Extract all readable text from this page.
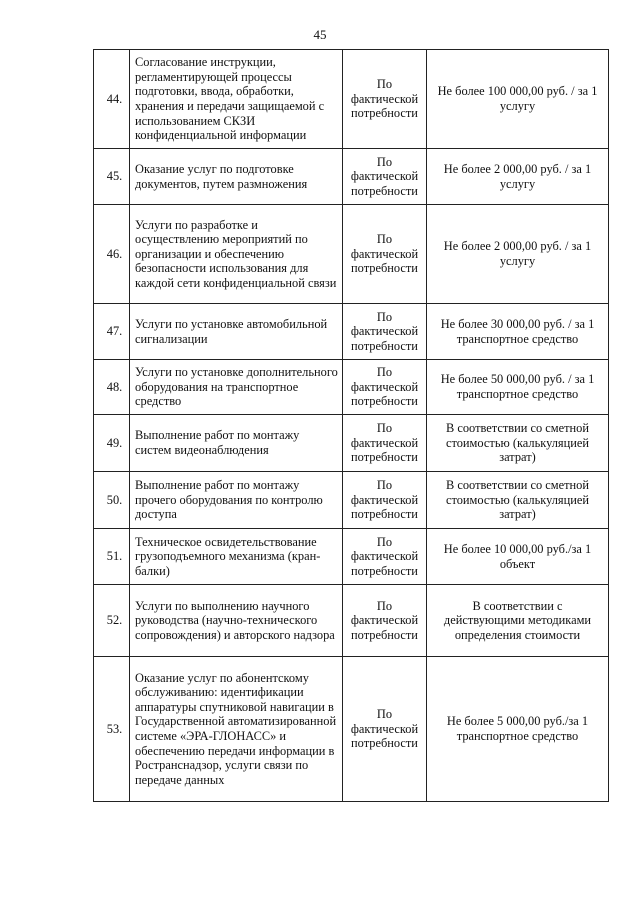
45
44.	Согласование инструкции, регламентирующей процессы подготовки, ввода, обработки, хранения и передачи защищаемой с использованием СКЗИ конфиденциальной информации	По фактической потребности	Не более 100 000,00 руб. / за 1 услугу
45.	Оказание услуг по подготовке документов, путем размножения	По фактической потребности	Не более 2 000,00 руб. / за 1 услугу
46.	Услуги по разработке и осуществлению мероприятий по организации и обеспечению безопасности использования для каждой сети конфиденциальной связи	По фактической потребности	Не более 2 000,00 руб. / за 1 услугу
47.	Услуги по установке автомобильной сигнализации	По фактической потребности	Не более 30 000,00 руб. / за 1 транспортное средство
48.	Услуги по установке дополнительного оборудования на транспортное средство	По фактической потребности	Не более 50 000,00 руб. / за 1 транспортное средство
49.	Выполнение работ по монтажу систем видеонаблюдения	По фактической потребности	В соответствии со сметной стоимостью (калькуляцией затрат)
50.	Выполнение работ по монтажу прочего оборудования по контролю доступа	По фактической потребности	В соответствии со сметной стоимостью (калькуляцией затрат)
51.	Техническое освидетельствование грузоподъемного механизма (кран-балки)	По фактической потребности	Не более 10 000,00 руб./за 1 объект
52.	Услуги по выполнению научного руководства (научно-технического сопровождения) и авторского надзора	По фактической потребности	В соответствии с действующими методиками определения стоимости
53.	Оказание услуг по абонентскому обслуживанию: идентификации аппаратуры спутниковой навигации в Государственной автоматизированной системе «ЭРА-ГЛОНАСС» и обеспечению передачи информации в Ространснадзор, услуги связи по передаче данных	По фактической потребности	Не более 5 000,00 руб./за 1 транспортное средство
